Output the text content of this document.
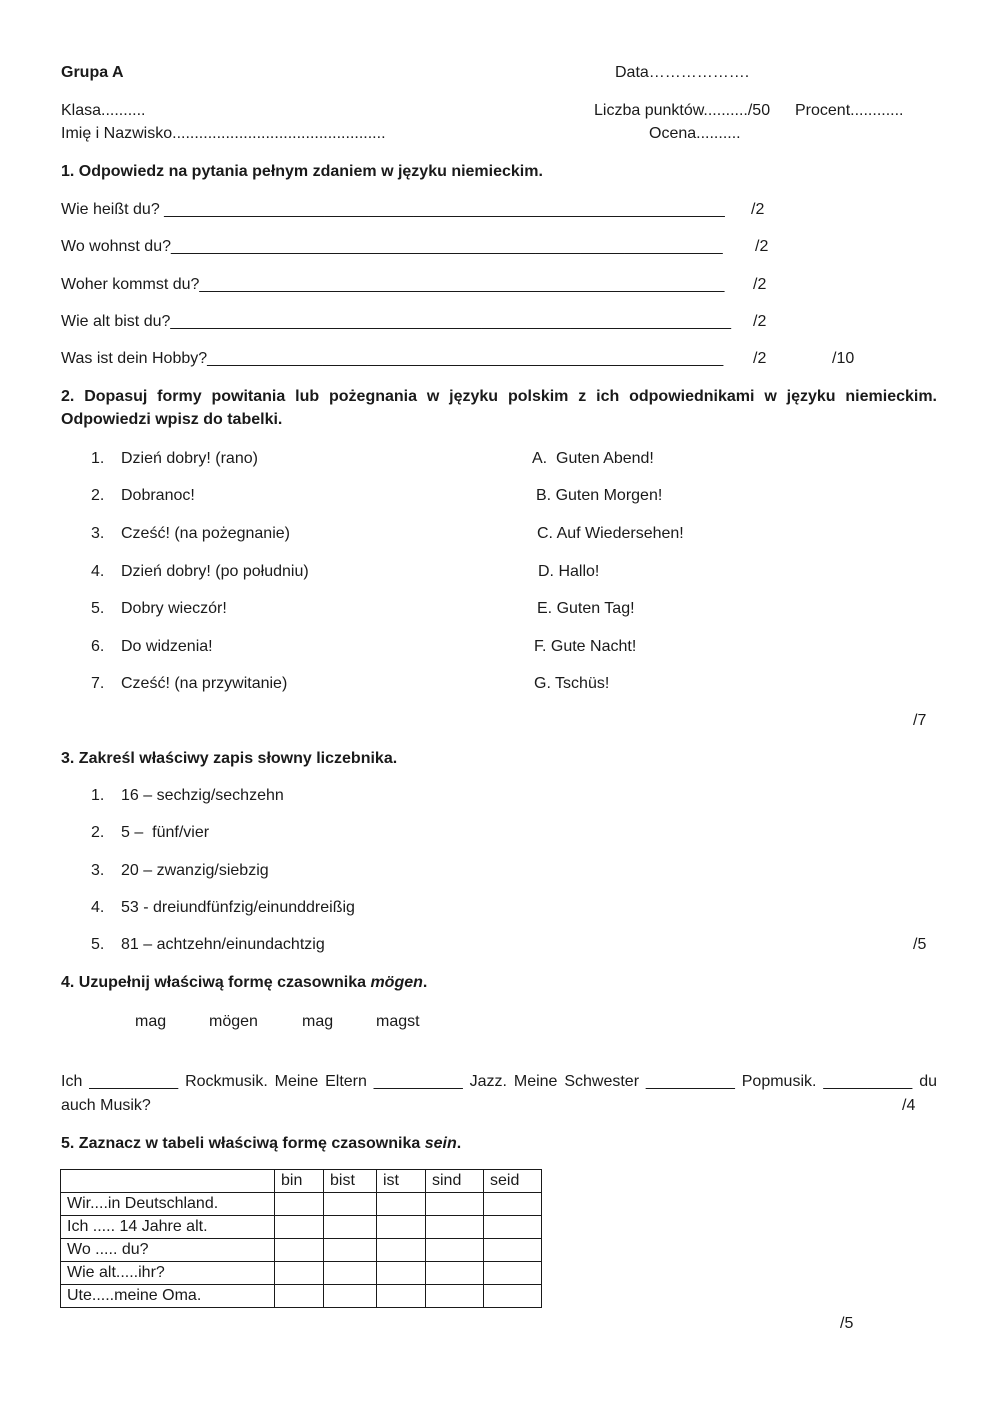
Grupa A	Data……………….
Klasa..........	Liczba punktów........../50 Procent............
Imię i Nazwisko................................................	Ocena..........
1. Odpowiedz na pytania pełnym zdaniem w języku niemieckim.
Wie heißt du? _______________________________________________________________ /2
Wo wohnst du?______________________________________________________________ /2
Woher kommst du?___________________________________________________________ /2
Wie alt bist du?_______________________________________________________________ /2
Was ist dein Hobby?__________________________________________________________ /2	/10
2. Dopasuj formy powitania lub pożegnania w języku polskim z ich odpowiednikami w języku niemieckim.
Odpowiedzi wpisz do tabelki.
1. Dzień dobry! (rano)	A.  Guten Abend!
2. Dobranoc!	B. Guten Morgen!
3. Cześć! (na pożegnanie)	C. Auf Wiedersehen!
4. Dzień dobry! (po południu)	D. Hallo!
5. Dobry wieczór!	E. Guten Tag!
6. Do widzenia!	F. Gute Nacht!
7. Cześć! (na przywitanie)	G. Tschüs!
/7
3. Zakreśl właściwy zapis słowny liczebnika.
1. 16 – sechzig/sechzehn
2. 5 –  fünf/vier
3. 20 – zwanzig/siebzig
4. 53 - dreiundfünfzig/einunddreißig
5. 81 – achtzehn/einundachtzig	/5
4. Uzupełnij właściwą formę czasownika mögen.
mag	mögen	mag	magst
Ich __________ Rockmusik. Meine Eltern __________ Jazz. Meine Schwester __________ Popmusik. __________ du
auch Musik?	/4
5. Zaznacz w tabeli właściwą formę czasownika sein.
	bin	bist	ist	sind	seid
Wir....in Deutschland.					
Ich ..... 14 Jahre alt.					
Wo ..... du?					
Wie alt.....ihr?					
Ute.....meine Oma.					
/5
